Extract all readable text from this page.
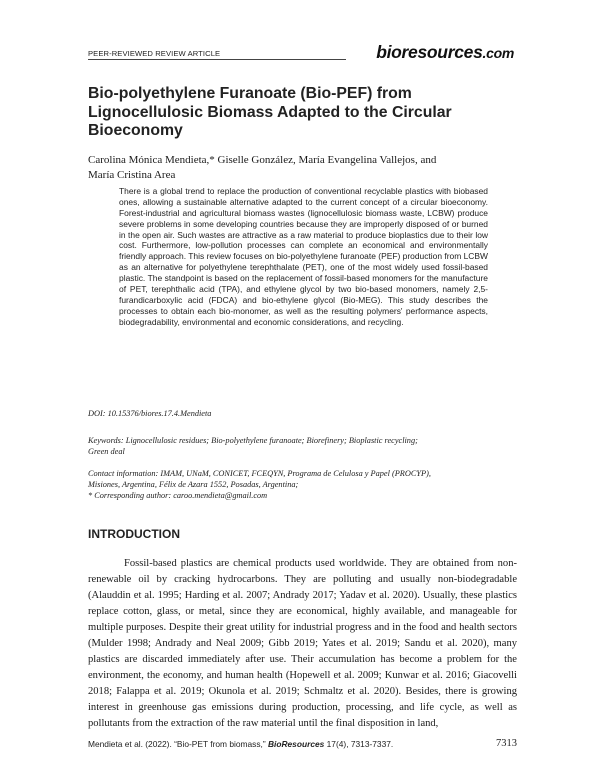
PEER-REVIEWED REVIEW ARTICLE	bioresources.com
Bio-polyethylene Furanoate (Bio-PEF) from
Lignocellulosic Biomass Adapted to the Circular
Bioeconomy
Carolina Mónica Mendieta,* Giselle González, María Evangelina Vallejos, and
María Cristina Area

There is a global trend to replace the production of conventional recyclable plastics with biobased ones, allowing a sustainable alternative adapted to the current concept of a circular bioeconomy. Forest-industrial and agricultural biomass wastes (lignocellulosic biomass waste, LCBW) produce severe problems in some developing countries because they are improperly disposed of or burned in the open air. Such wastes are attractive as a raw material to produce bioplastics due to their low cost. Furthermore, low-pollution processes can complete an economical and environmentally friendly approach. This review focuses on bio-polyethylene furanoate (PEF) production from LCBW as an alternative for polyethylene terephthalate (PET), one of the most widely used fossil-based plastic. The standpoint is based on the replacement of fossil-based monomers for the manufacture of PET, terephthalic acid (TPA), and ethylene glycol by two bio-based monomers, namely 2,5-furandicarboxylic acid (FDCA) and bio-ethylene glycol (Bio-MEG). This study describes the processes to obtain each bio-monomer, as well as the resulting polymers' performance aspects, biodegradability, environmental and economic considerations, and recycling.

DOI: 10.15376/biores.17.4.Mendieta
Keywords: Lignocellulosic residues; Bio-polyethylene furanoate; Biorefinery; Bioplastic recycling;
Green deal
Contact information: IMAM, UNaM, CONICET, FCEQYN, Programa de Celulosa y Papel (PROCYP),
Misiones, Argentina, Félix de Azara 1552, Posadas, Argentina;
* Corresponding author: caroo.mendieta@gmail.com
INTRODUCTION

Fossil-based plastics are chemical products used worldwide. They are obtained from non-renewable oil by cracking hydrocarbons. They are polluting and usually non-biodegradable (Alauddin et al. 1995; Harding et al. 2007; Andrady 2017; Yadav et al. 2020). Usually, these plastics replace cotton, glass, or metal, since they are economical, highly available, and manageable for multiple purposes. Despite their great utility for industrial progress and in the food and health sectors (Mulder 1998; Andrady and Neal 2009; Gibb 2019; Yates et al. 2019; Sandu et al. 2020), many plastics are discarded immediately after use. Their accumulation has become a problem for the environment, the economy, and human health (Hopewell et al. 2009; Kunwar et al. 2016; Giacovelli 2018; Falappa et al. 2019; Okunola et al. 2019; Schmaltz et al. 2020). Besides, there is growing interest in greenhouse gas emissions during production, processing, and life cycle, as well as pollutants from the extraction of the raw material until the final disposition in land,

Mendieta et al. (2022). “Bio-PET from biomass,” BioResources 17(4), 7313-7337.	7313
